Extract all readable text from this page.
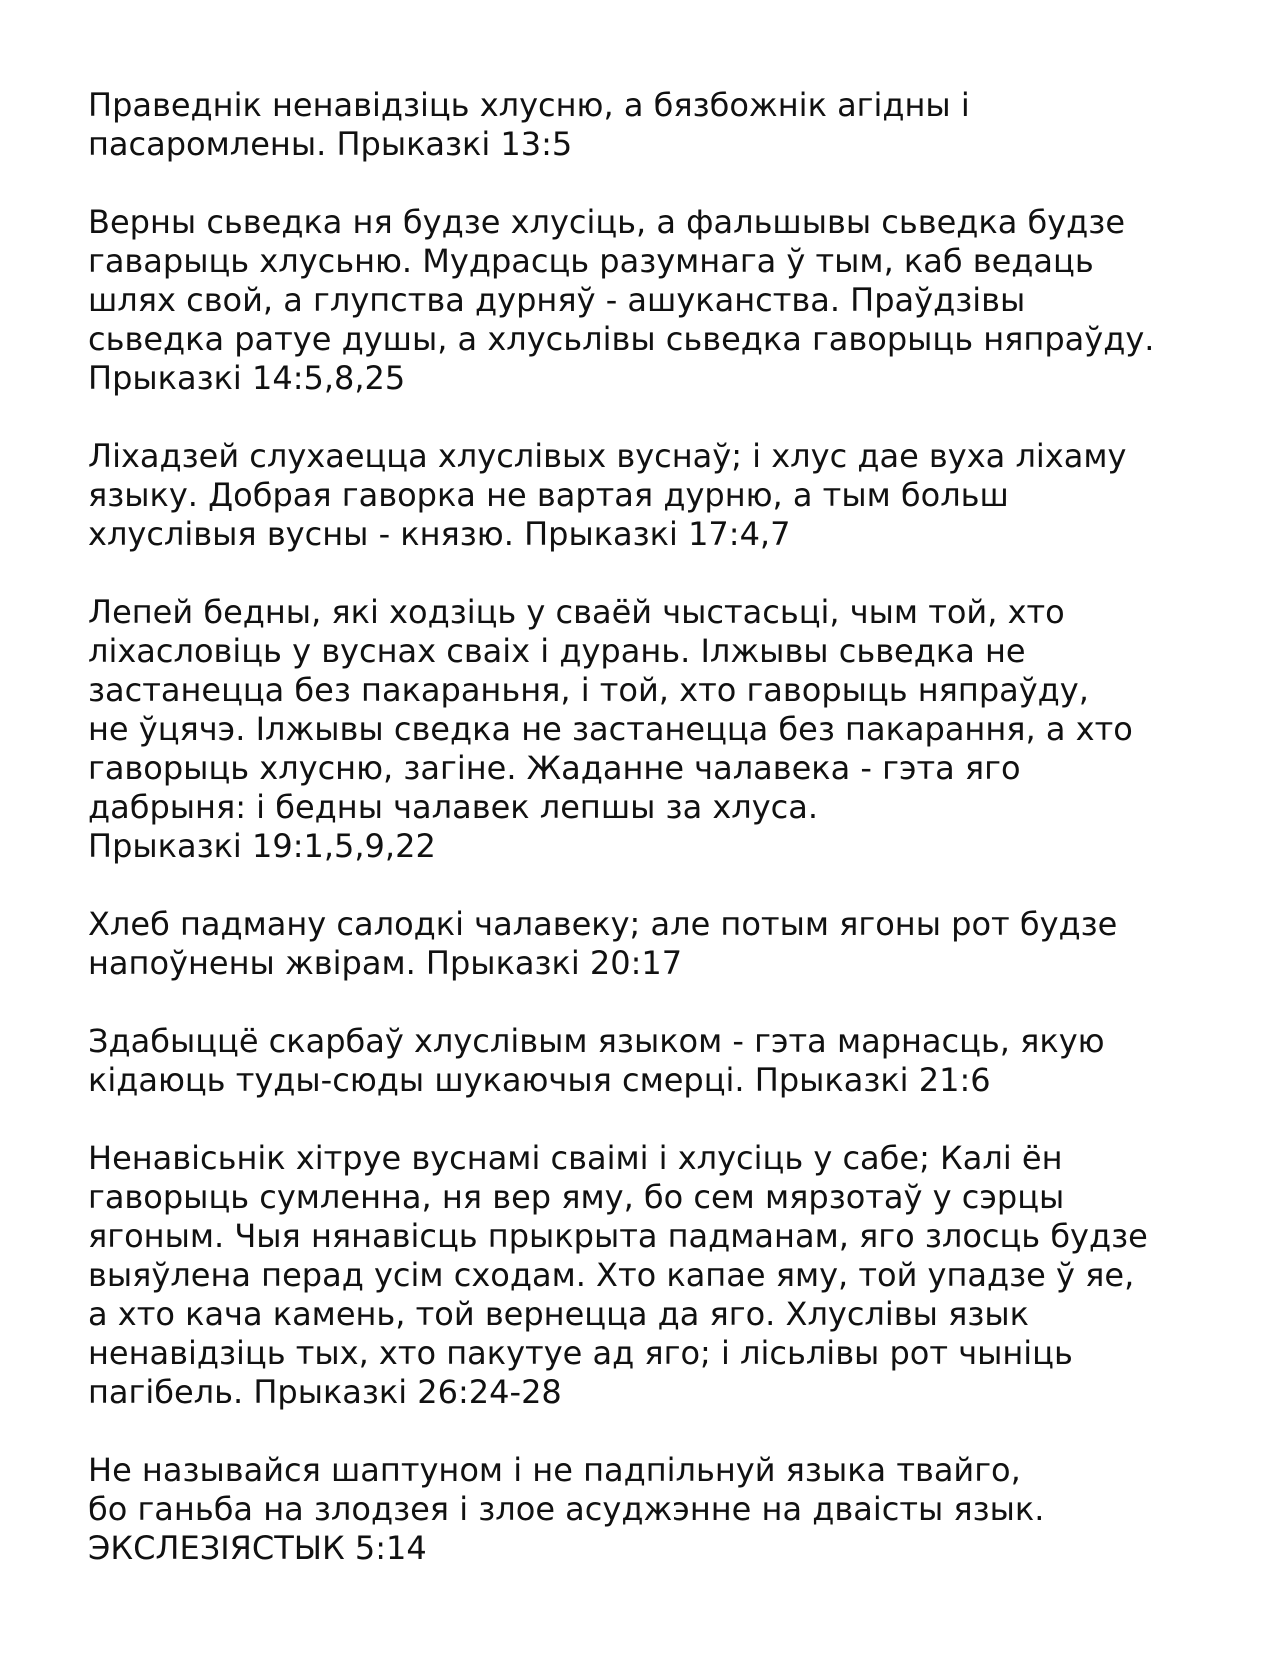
Праведнік ненавідзіць хлусню, а бязбожнік агідны і
пасаромлены. Прыказкі 13:5
Верны сьведка ня будзе хлусіць, а фальшывы сьведка будзе
гаварыць хлусьню. Мудрасць разумнага ў тым, каб ведаць
шлях свой, а глупства дурняў - ашуканства. Праўдзівы
сьведка ратуе душы, а хлусьлівы сьведка гаворыць няпраўду.
Прыказкі 14:5,8,25
Ліхадзей слухаецца хлуслівых вуснаў; і хлус дае вуха ліхаму
языку. Добрая гаворка не вартая дурню, а тым больш
хлуслівыя вусны - князю. Прыказкі 17:4,7
Лепей бедны, які ходзіць у сваёй чыстасьці, чым той, хто
ліхасловіць у вуснах сваіх і дурань. Ілжывы сьведка не
застанецца без пакараньня, і той, хто гаворыць няпраўду,
не ўцячэ. Ілжывы сведка не застанецца без пакарання, а хто
гаворыць хлусню, загіне. Жаданне чалавека - гэта яго
дабрыня: і бедны чалавек лепшы за хлуса.
Прыказкі 19:1,5,9,22
Хлеб падману салодкі чалавеку; але потым ягоны рот будзе
напоўнены жвірам. Прыказкі 20:17
Здабыццё скарбаў хлуслівым языком - гэта марнасць, якую
кідаюць туды-сюды шукаючыя смерці. Прыказкі 21:6
Ненавісьнік хітруе вуснамі сваімі і хлусіць у сабе; Калі ён
гаворыць сумленна, ня вер яму, бо сем мярзотаў у сэрцы
ягоным. Чыя нянавісць прыкрыта падманам, яго злосць будзе
выяўлена перад усім сходам. Хто капае яму, той упадзе ў яе,
а хто кача камень, той вернецца да яго. Хлуслівы язык
ненавідзіць тых, хто пакутуе ад яго; і лісьлівы рот чыніць
пагібель. Прыказкі 26:24-28
Не называйся шаптуном і не падпільнуй языка твайго,
бо ганьба на злодзея і злое асуджэнне на дваісты язык.
ЭКСЛЕЗІЯСТЫК 5:14
